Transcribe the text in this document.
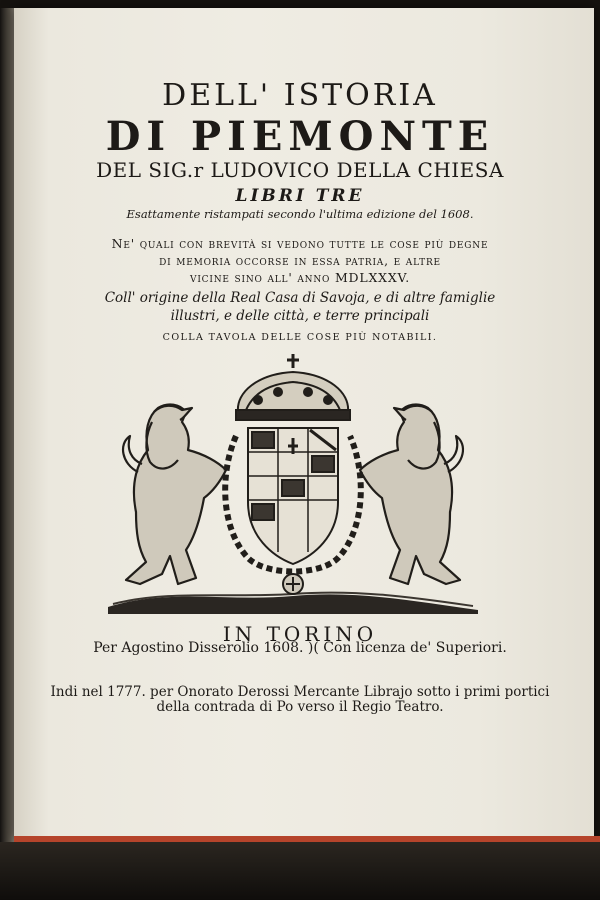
DELL' ISTORIA
DI PIEMONTE
DEL SIG.r LUDOVICO DELLA CHIESA
LIBRI TRE
Esattamente ristampati secondo l'ultima edizione del 1608.
Ne' quali con brevità si vedono tutte le cose più degne
di memoria occorse in essa patria, e altre
vicine sino all' anno MDLXXXV.
Coll' origine della Real Casa di Savoja, e di altre famiglie
illustri, e delle città, e terre principali
COLLA TAVOLA DELLE COSE PIÙ NOTABILI.
IN TORINO
Per Agostino Disserolio 1608. )( Con licenza de' Superiori.
Indi nel 1777. per Onorato Derossi Mercante Librajo sotto i primi portici
della contrada di Po verso il Regio Teatro.
